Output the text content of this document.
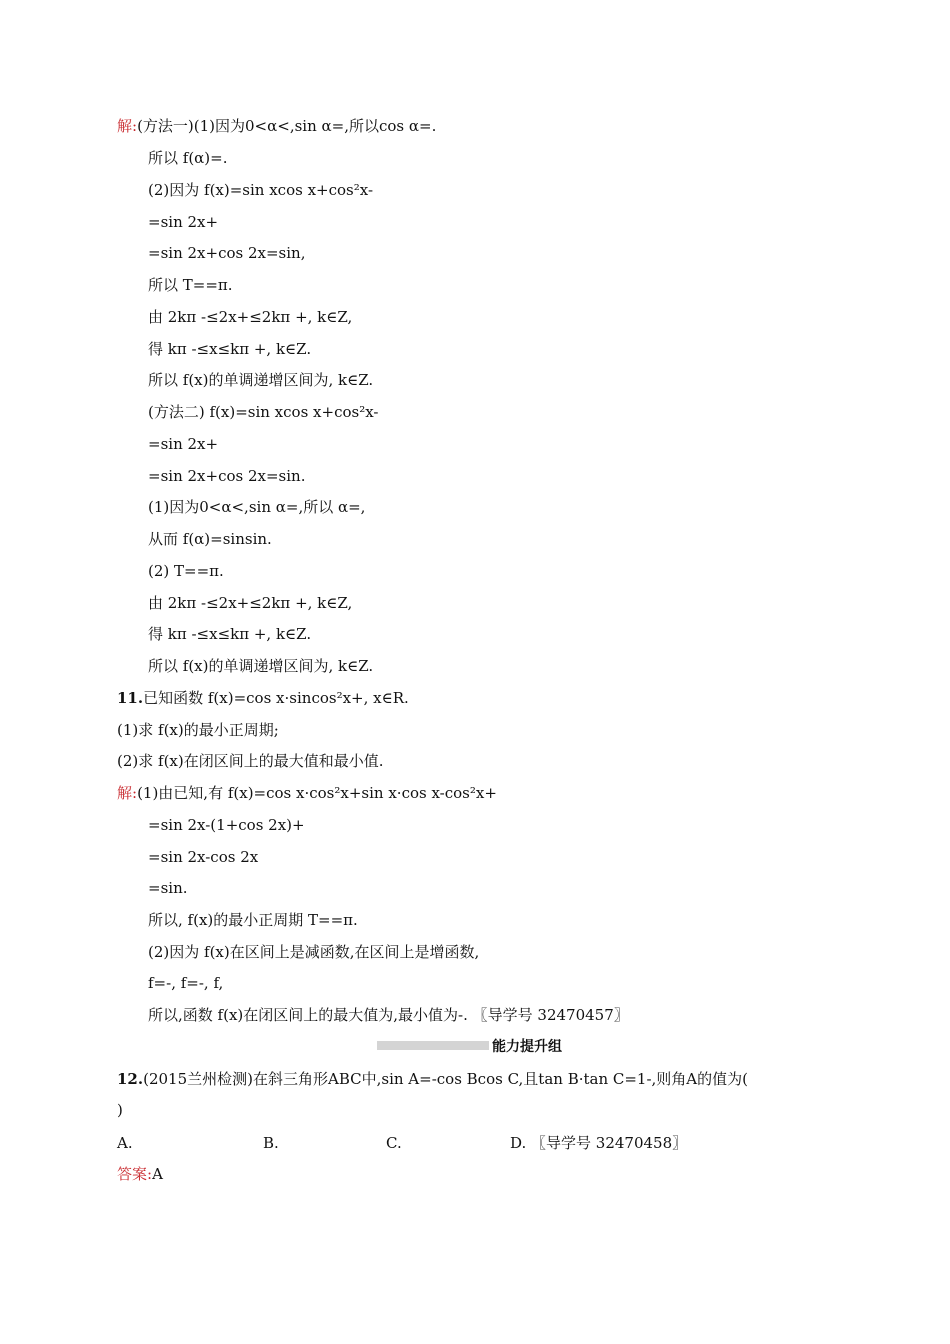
解:(方法一)(1)因为0<α<,sin α=,所以cos α=.
所以 f(α)=.
(2)因为 f(x)=sin xcos x+cos²x-
=sin 2x+
=sin 2x+cos 2x=sin,
所以 T==π.
由 2kπ -≤2x+≤2kπ +, k∈Z,
得 kπ -≤x≤kπ +, k∈Z.
所以 f(x)的单调递增区间为, k∈Z.
(方法二) f(x)=sin xcos x+cos²x-
=sin 2x+
=sin 2x+cos 2x=sin.
(1)因为0<α<,sin α=,所以 α=,
从而 f(α)=sinsin.
(2) T==π.
由 2kπ -≤2x+≤2kπ +, k∈Z,
得 kπ -≤x≤kπ +, k∈Z.
所以 f(x)的单调递增区间为, k∈Z.
11.已知函数 f(x)=cos x·sincos²x+, x∈R.
(1)求 f(x)的最小正周期;
(2)求 f(x)在闭区间上的最大值和最小值.
解:(1)由已知,有 f(x)=cos x·cos²x+sin x·cos x-cos²x+
=sin 2x-(1+cos 2x)+
=sin 2x-cos 2x
=sin.
所以, f(x)的最小正周期 T==π.
(2)因为 f(x)在区间上是减函数,在区间上是增函数,
f=-, f=-, f,
所以,函数 f(x)在闭区间上的最大值为,最小值为-. 〖导学号 32470457〗
能力提升组
12.(2015兰州检测)在斜三角形ABC中,sin A=-cos Bcos C,且tan B·tan C=1-,则角A的值为(
)
A.	B.	C.	D. 〖导学号 32470458〗
答案:A
